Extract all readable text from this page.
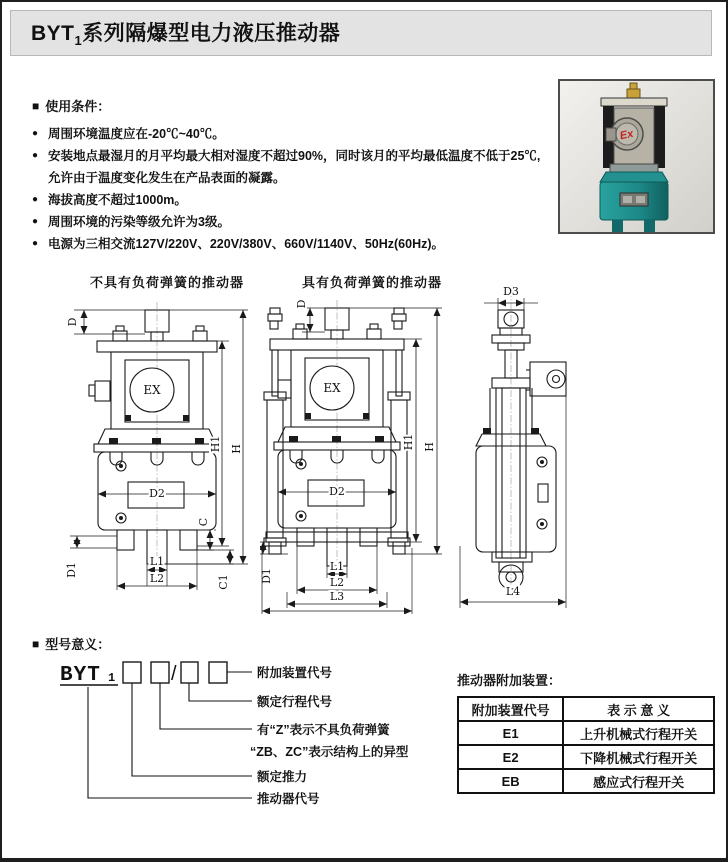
$BYT_1$系列隔爆型电力液压推动器
■ 使用条件：
● 周围环境温度应在-20℃~40℃。
● 安装地点最湿月的月平均最大相对湿度不超过90%，同时该月的平均最低温度不低于25℃,允许由于温度变化发生在产品表面的凝露。
● 海拔高度不超过1000m。
● 周围环境的污染等级允许为3级。
● 电源为三相交流127V/220V、220V/380V、660V/1140V、50Hz(60Hz)。
Ex
不具有负荷弹簧的推动器	具有负荷弹簧的推动器
EX
D
H1 H
D2
C
C1
D1
L1
L2
EX
D
H1 H
D2
D1
L1
L2
L3
D3
L4
■ 型号意义：
BYT 1	/	附加装置代号
额定行程代号
有“Z”表示不具负荷弹簧
“ZB、ZC”表示结构上的异型
额定推力
推动器代号
推动器附加装置：
附加装置代号	表 示 意 义
E1	上升机械式行程开关
E2	下降机械式行程开关
EB	感应式行程开关
